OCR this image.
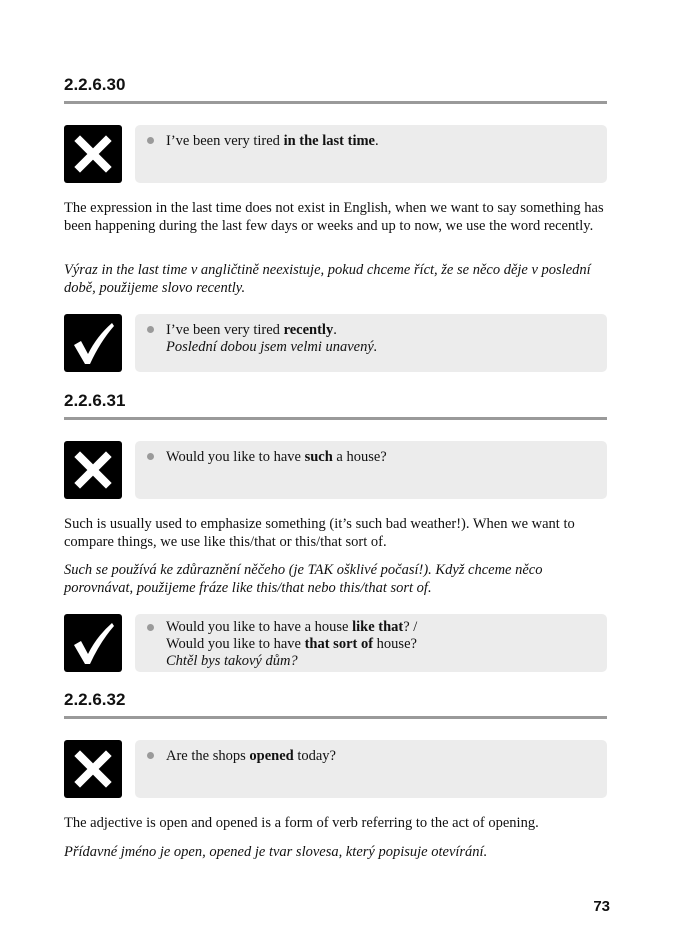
2.2.6.30
I’ve been very tired in the last time.
The expression in the last time does not exist in English, when we want to say something has been happening during the last few days or weeks and up to now, we use the word recently.
Výraz in the last time v angličtině neexistuje, pokud chceme říct, že se něco děje v poslední době, použijeme slovo recently.
I’ve been very tired recently.
Poslední dobou jsem velmi unavený.
2.2.6.31
Would you like to have such a house?
Such is usually used to emphasize something (it’s such bad weather!). When we want to compare things, we use like this/that or this/that sort of.
Such se používá ke zdůraznění něčeho (je TAK ošklivé počasí!). Když chceme něco porovnávat, použijeme fráze like this/that nebo this/that sort of.
Would you like to have a house like that? /
Would you like to have that sort of house?
Chtěl bys takový dům?
2.2.6.32
Are the shops opened today?
The adjective is open and opened is a form of verb referring to the act of opening.
Přídavné jméno je open, opened je tvar slovesa, který popisuje otevírání.
73
